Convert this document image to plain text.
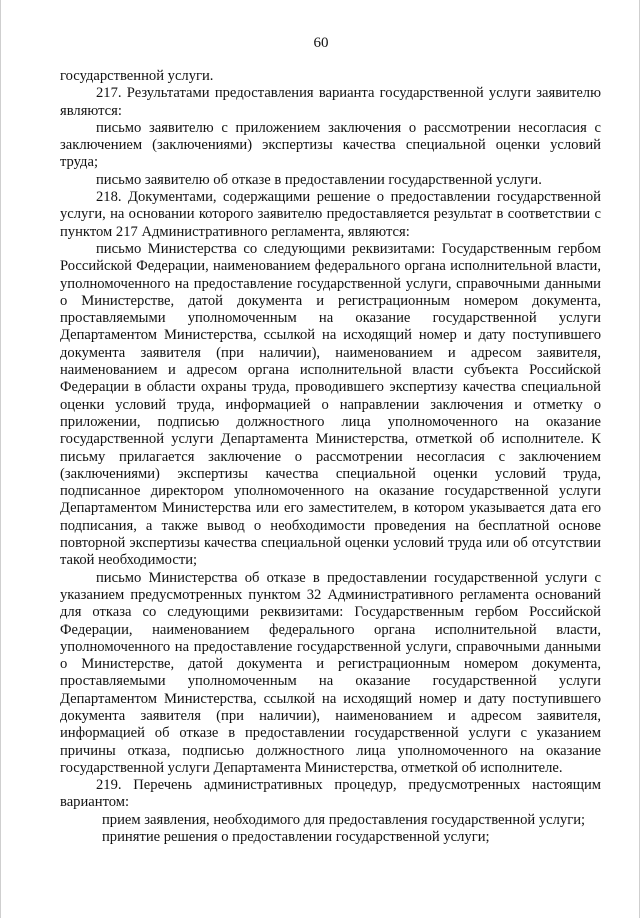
60

государственной услуги.

217. Результатами предоставления варианта государственной услуги заявителю являются:

письмо заявителю с приложением заключения о рассмотрении несогласия с заключением (заключениями) экспертизы качества специальной оценки условий труда;

письмо заявителю об отказе в предоставлении государственной услуги.

218. Документами, содержащими решение о предоставлении государственной услуги, на основании которого заявителю предоставляется результат в соответствии с пунктом 217 Административного регламента, являются:

письмо Министерства со следующими реквизитами: Государственным гербом Российской Федерации, наименованием федерального органа исполнительной власти, уполномоченного на предоставление государственной услуги, справочными данными о Министерстве, датой документа и регистрационным номером документа, проставляемыми уполномоченным на оказание государственной услуги Департаментом Министерства, ссылкой на исходящий номер и дату поступившего документа заявителя (при наличии), наименованием и адресом заявителя, наименованием и адресом органа исполнительной власти субъекта Российской Федерации в области охраны труда, проводившего экспертизу качества специальной оценки условий труда, информацией о направлении заключения и отметку о приложении, подписью должностного лица уполномоченного на оказание государственной услуги Департамента Министерства, отметкой об исполнителе. К письму прилагается заключение о рассмотрении несогласия с заключением (заключениями) экспертизы качества специальной оценки условий труда, подписанное директором уполномоченного на оказание государственной услуги Департаментом Министерства или его заместителем, в котором указывается дата его подписания, а также вывод о необходимости проведения на бесплатной основе повторной экспертизы качества специальной оценки условий труда или об отсутствии такой необходимости;

письмо Министерства об отказе в предоставлении государственной услуги с указанием предусмотренных пунктом 32 Административного регламента оснований для отказа со следующими реквизитами: Государственным гербом Российской Федерации, наименованием федерального органа исполнительной власти, уполномоченного на предоставление государственной услуги, справочными данными о Министерстве, датой документа и регистрационным номером документа, проставляемыми уполномоченным на оказание государственной услуги Департаментом Министерства, ссылкой на исходящий номер и дату поступившего документа заявителя (при наличии), наименованием и адресом заявителя, информацией об отказе в предоставлении государственной услуги с указанием причины отказа, подписью должностного лица уполномоченного на оказание государственной услуги Департамента Министерства, отметкой об исполнителе.

219. Перечень административных процедур, предусмотренных настоящим вариантом:

прием заявления, необходимого для предоставления государственной услуги;

принятие решения о предоставлении государственной услуги;
